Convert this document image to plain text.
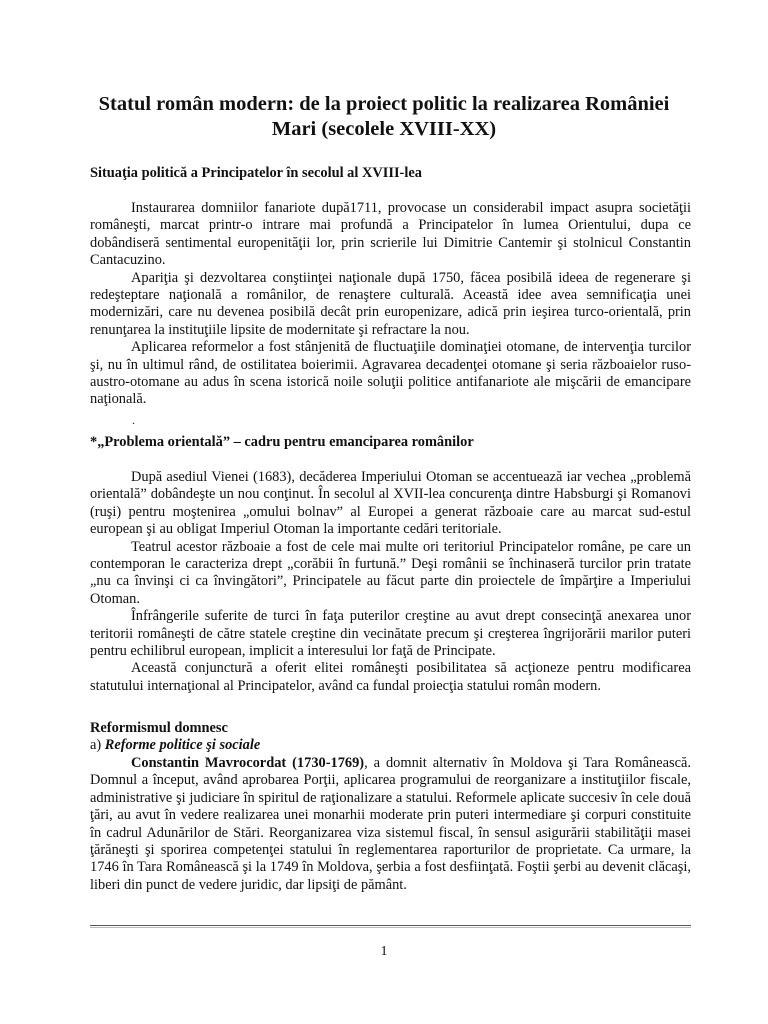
Statul român modern: de la proiect politic la realizarea României Mari (secolele XVIII-XX)
Situaţia politică a Principatelor în secolul al XVIII-lea

Instaurarea domniilor fanariote după1711, provocase un considerabil impact asupra societăţii româneşti, marcat printr-o intrare mai profundă a Principatelor în lumea Orientului, dupa ce dobândiseră sentimental europenităţii lor, prin scrierile lui Dimitrie Cantemir şi stolnicul Constantin Cantacuzino.

Apariţia şi dezvoltarea conştiinţei naţionale după 1750, făcea posibilă ideea de regenerare şi redeşteptare naţională a românilor, de renaştere culturală. Această idee avea semnificaţia unei modernizări, care nu devenea posibilă decât prin europenizare, adică prin ieşirea turco-orientală, prin renunţarea la instituţiile lipsite de modernitate şi refractare la nou.

Aplicarea reformelor a fost stânjenită de fluctuaţiile dominaţiei otomane, de intervenţia turcilor şi, nu în ultimul rând, de ostilitatea boierimii. Agravarea decadenţei otomane şi seria războaielor ruso-austro-otomane au adus în scena istorică noile soluţii politice antifanariote ale mişcării de emancipare naţională.

.
*„Problema orientală” – cadru pentru emanciparea românilor

După asediul Vienei (1683), decăderea Imperiului Otoman se accentuează iar vechea „problemă orientală” dobândeşte un nou conţinut. În secolul al XVII-lea concurenţa dintre Habsburgi şi Romanovi (ruşi) pentru moştenirea „omului bolnav” al Europei a generat războaie care au marcat sud-estul european şi au obligat Imperiul Otoman la importante cedări teritoriale.

Teatrul acestor războaie a fost de cele mai multe ori teritoriul Principatelor române, pe care un contemporan le caracteriza drept „corăbii în furtună.” Deşi românii se închinaseră turcilor prin tratate „nu ca învinşi ci ca învingători”, Principatele au făcut parte din proiectele de împărţire a Imperiului Otoman.

Înfrângerile suferite de turci în faţa puterilor creştine au avut drept consecinţă anexarea unor teritorii româneşti de către statele creştine din vecinătate precum şi creşterea îngrijorării marilor puteri pentru echilibrul european, implicit a interesului lor faţă de Principate.

Această conjunctură a oferit elitei româneşti posibilitatea să acţioneze pentru modificarea statutului internaţional al Principatelor, având ca fundal proiecţia statului român modern.

Reformismul domnesc
a) Reforme politice şi sociale

Constantin Mavrocordat (1730-1769), a domnit alternativ în Moldova şi Tara Românească. Domnul a început, având aprobarea Porţii, aplicarea programului de reorganizare a instituţiilor fiscale, administrative şi judiciare în spiritul de raţionalizare a statului. Reformele aplicate succesiv în cele două ţări, au avut în vedere realizarea unei monarhii moderate prin puteri intermediare şi corpuri constituite în cadrul Adunărilor de Stări. Reorganizarea viza sistemul fiscal, în sensul asigurării stabilităţii masei ţărăneşti şi sporirea competenţei statului în reglementarea raporturilor de proprietate. Ca urmare, la 1746 în Tara Românească şi la 1749 în Moldova, şerbia a fost desfiinţată. Foştii şerbi au devenit clăcaşi, liberi din punct de vedere juridic, dar lipsiţi de pământ.

1
